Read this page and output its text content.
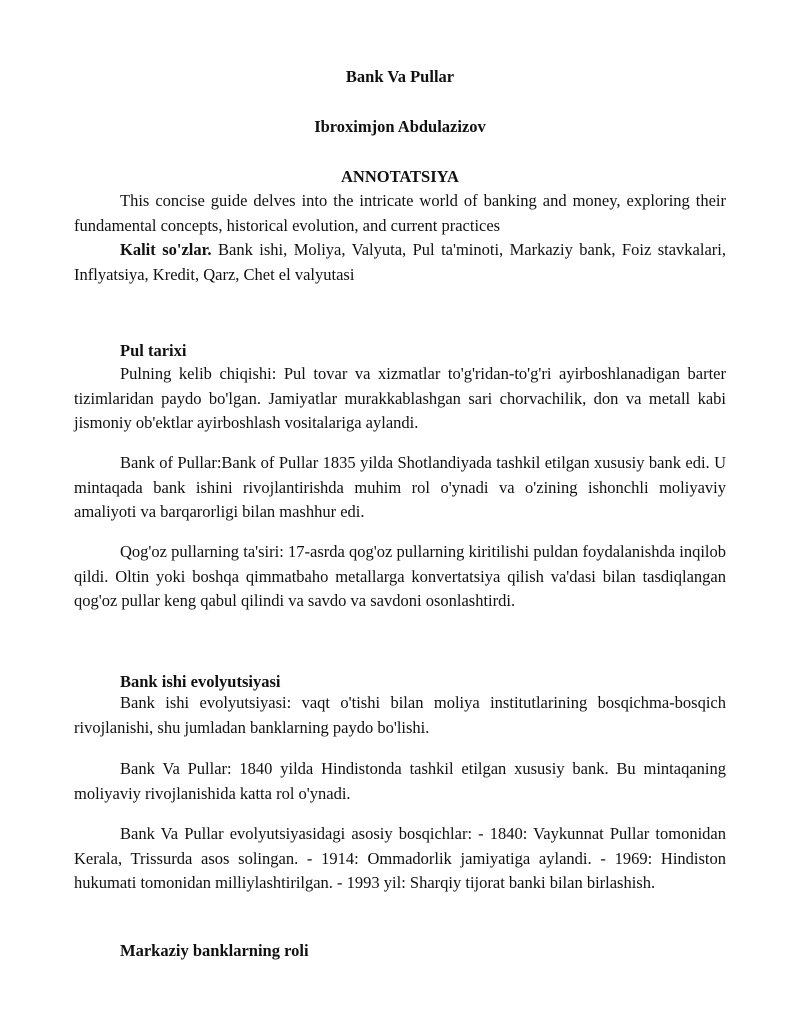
Bank Va Pullar
Ibroximjon Abdulazizov
ANNOTATSIYA

This concise guide delves into the intricate world of banking and money, exploring their fundamental concepts, historical evolution, and current practices

Kalit so'zlar. Bank ishi, Moliya, Valyuta, Pul ta'minoti, Markaziy bank, Foiz stavkalari, Inflyatsiya, Kredit, Qarz, Chet el valyutasi

Pul tarixi

Pulning kelib chiqishi: Pul tovar va xizmatlar to'g'ridan-to'g'ri ayirboshlanadigan barter tizimlaridan paydo bo'lgan. Jamiyatlar murakkablashgan sari chorvachilik, don va metall kabi jismoniy ob'ektlar ayirboshlash vositalariga aylandi.

Bank of Pullar:Bank of Pullar 1835 yilda Shotlandiyada tashkil etilgan xususiy bank edi. U mintaqada bank ishini rivojlantirishda muhim rol o'ynadi va o'zining ishonchli moliyaviy amaliyoti va barqarorligi bilan mashhur edi.

Qog'oz pullarning ta'siri: 17-asrda qog'oz pullarning kiritilishi puldan foydalanishda inqilob qildi. Oltin yoki boshqa qimmatbaho metallarga konvertatsiya qilish va'dasi bilan tasdiqlangan qog'oz pullar keng qabul qilindi va savdo va savdoni osonlashtirdi.

Bank ishi evolyutsiyasi

Bank ishi evolyutsiyasi: vaqt o'tishi bilan moliya institutlarining bosqichma-bosqich rivojlanishi, shu jumladan banklarning paydo bo'lishi.

Bank Va Pullar: 1840 yilda Hindistonda tashkil etilgan xususiy bank. Bu mintaqaning moliyaviy rivojlanishida katta rol o'ynadi.

Bank Va Pullar evolyutsiyasidagi asosiy bosqichlar: - 1840: Vaykunnat Pullar tomonidan Kerala, Trissurda asos solingan. - 1914: Ommadorlik jamiyatiga aylandi. - 1969: Hindiston hukumati tomonidan milliylashtirilgan. - 1993 yil: Sharqiy tijorat banki bilan birlashish.

Markaziy banklarning roli
